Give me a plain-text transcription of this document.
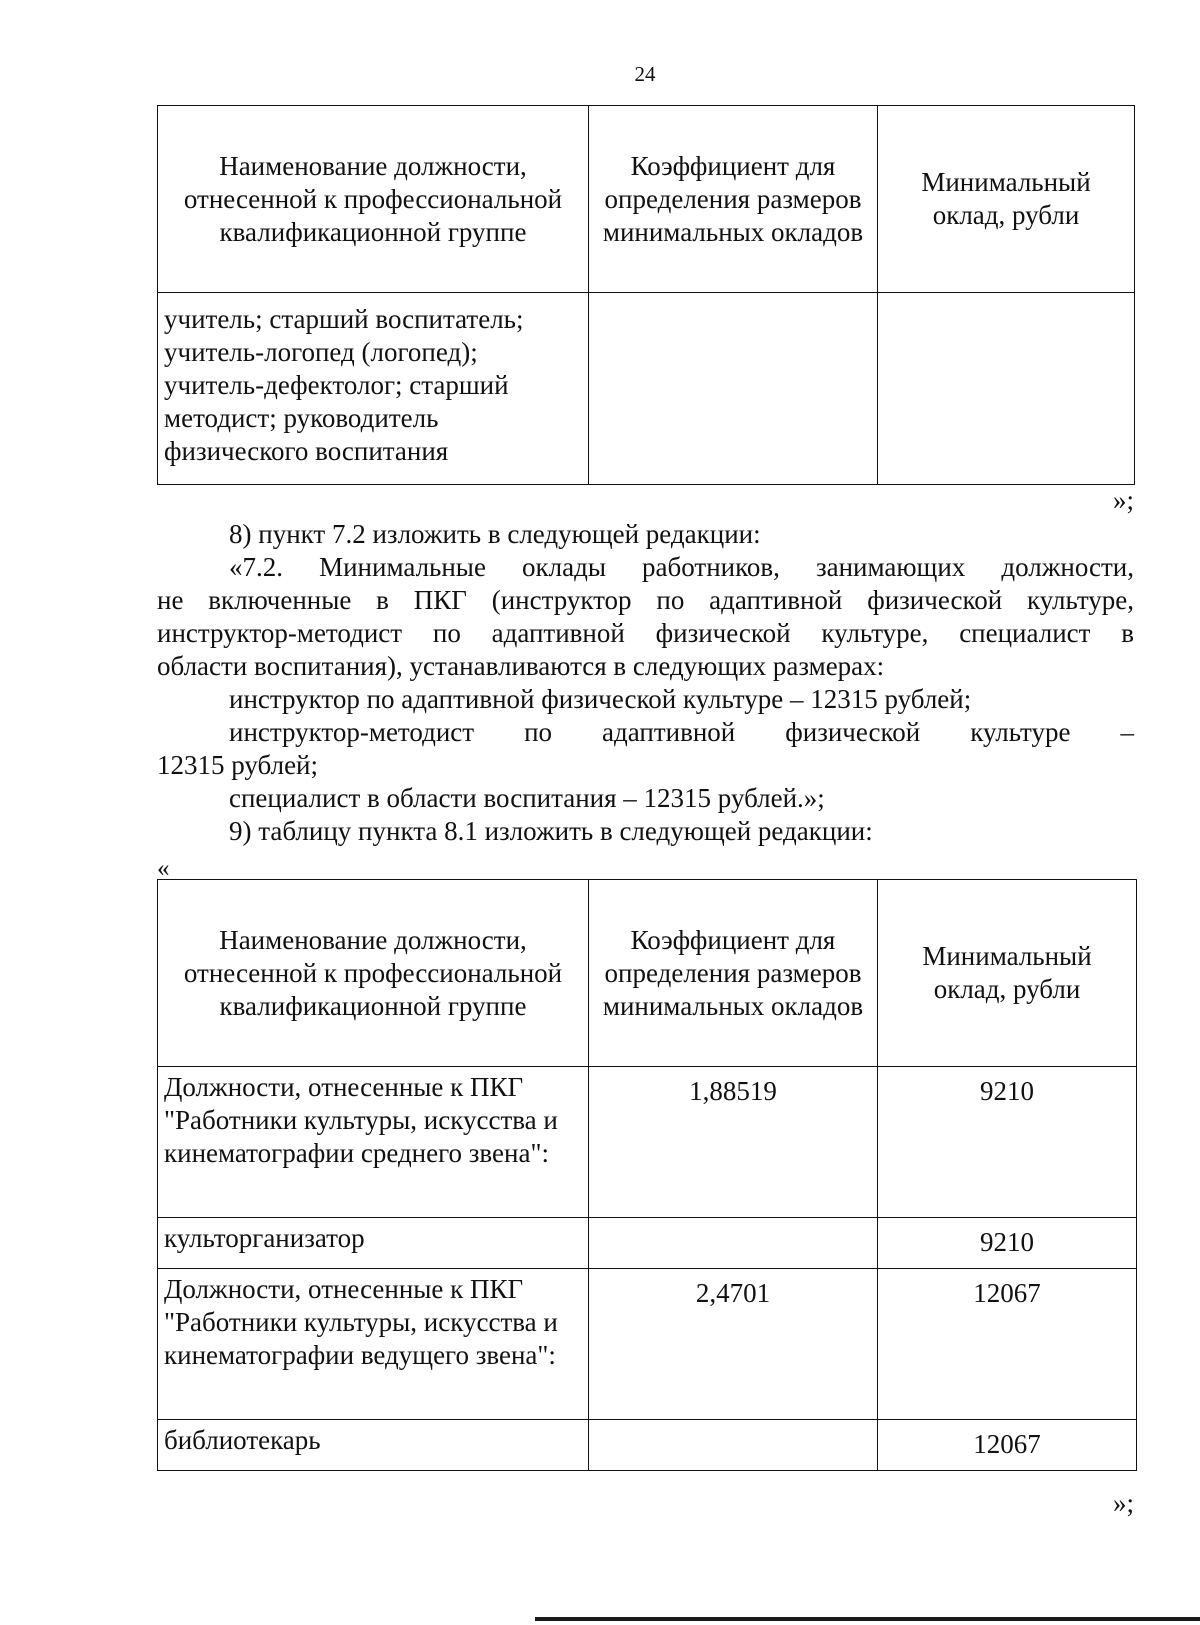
24
Наименование должности, отнесенной к профессиональной квалификационной группе	Коэффициент для определения размеров минимальных окладов	Минимальный оклад, рубли
учитель; старший воспитатель; учитель-логопед (логопед); учитель-дефектолог; старший методист; руководитель физического воспитания		
»;

8) пункт 7.2 изложить в следующей редакции:

«7.2. Минимальные оклады работников, занимающих должности,
не включенные в ПКГ (инструктор по адаптивной физической культуре,
инструктор-методист по адаптивной физической культуре, специалист в
области воспитания), устанавливаются в следующих размерах:

инструктор по адаптивной физической культуре – 12315 рублей;

инструктор-методист по адаптивной физической культуре –
12315 рублей;

специалист в области воспитания – 12315 рублей.»;

9) таблицу пункта 8.1 изложить в следующей редакции:

«
Наименование должности, отнесенной к профессиональной квалификационной группе	Коэффициент для определения размеров минимальных окладов	Минимальный оклад, рубли
Должности, отнесенные к ПКГ "Работники культуры, искусства и кинематографии среднего звена":	1,88519	9210
культорганизатор		9210
Должности, отнесенные к ПКГ "Работники культуры, искусства и кинематографии ведущего звена":	2,4701	12067
библиотекарь		12067
»;
